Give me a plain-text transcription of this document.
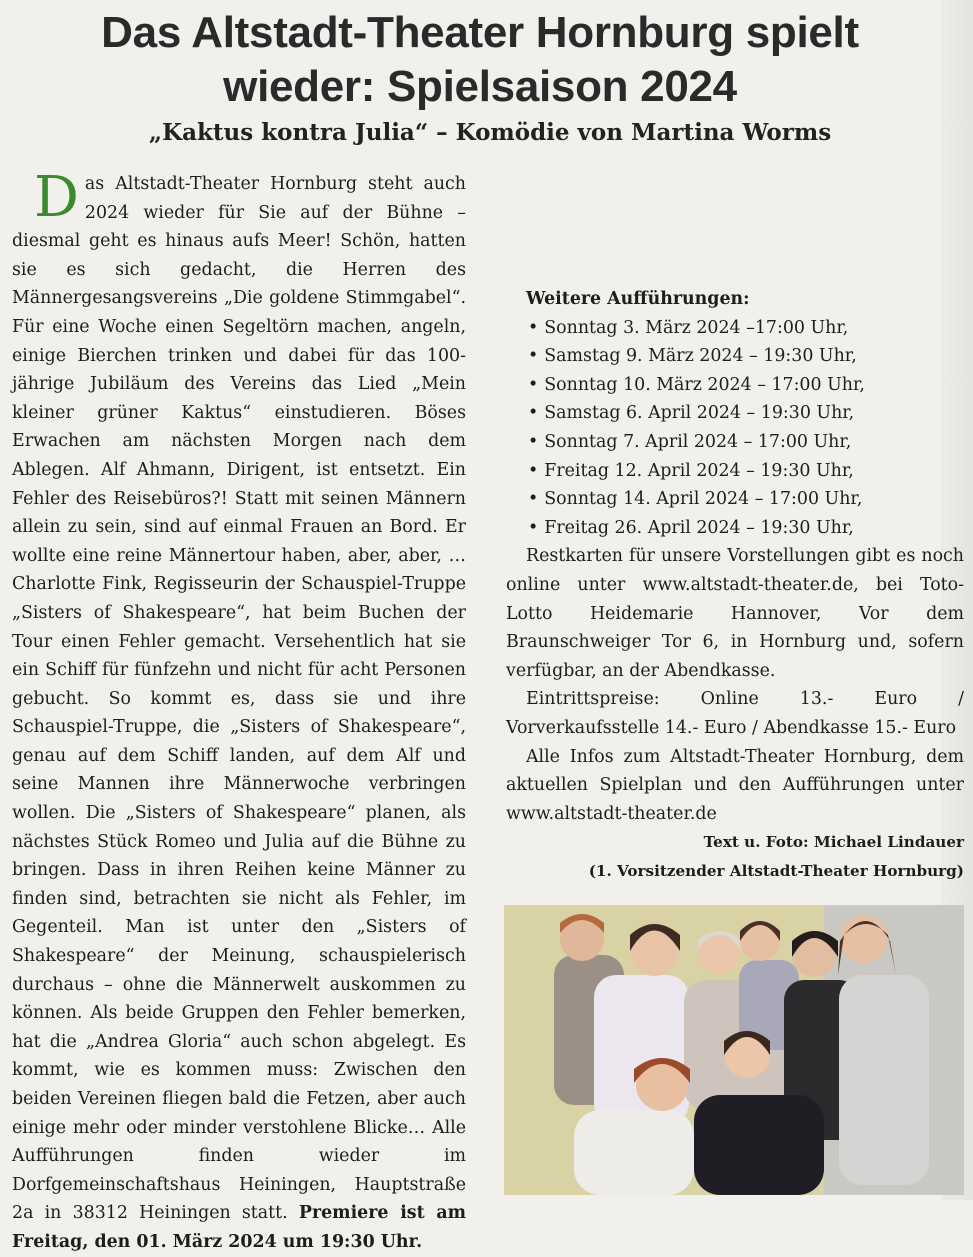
Das Altstadt-Theater Hornburg spielt
wieder: Spielsaison 2024
„Kaktus kontra Julia“ – Komödie von Martina Worms

Das Altstadt-Theater Hornburg steht auch 2024 wieder für Sie auf der Bühne – diesmal geht es hinaus aufs Meer! Schön, hatten sie es sich gedacht, die Herren des Männergesangsvereins „Die goldene Stimmgabel“. Für eine Woche einen Segeltörn machen, angeln, einige Bierchen trinken und dabei für das 100-jährige Jubiläum des Vereins das Lied „Mein kleiner grüner Kaktus“ einstudieren. Böses Erwachen am nächsten Morgen nach dem Ablegen. Alf Ahmann, Dirigent, ist entsetzt. Ein Fehler des Reisebüros?! Statt mit seinen Männern allein zu sein, sind auf einmal Frauen an Bord. Er wollte eine reine Männertour haben, aber, aber, … Charlotte Fink, Regisseurin der Schauspiel-Truppe „Sisters of Shakespeare“, hat beim Buchen der Tour einen Fehler gemacht. Versehentlich hat sie ein Schiff für fünfzehn und nicht für acht Personen gebucht. So kommt es, dass sie und ihre Schauspiel-Truppe, die „Sisters of Shakespeare“, genau auf dem Schiff landen, auf dem Alf und seine Mannen ihre Männerwoche verbringen wollen. Die „Sisters of Shakespeare“ planen, als nächstes Stück Romeo und Julia auf die Bühne zu bringen. Dass in ihren Reihen keine Männer zu finden sind, betrachten sie nicht als Fehler, im Gegenteil. Man ist unter den „Sisters of Shakespeare“ der Meinung, schauspielerisch durchaus – ohne die Männerwelt auskommen zu können. Als beide Gruppen den Fehler bemerken, hat die „Andrea Gloria“ auch schon abgelegt. Es kommt, wie es kommen muss: Zwischen den beiden Vereinen fliegen bald die Fetzen, aber auch einige mehr oder minder verstohlene Blicke… Alle Aufführungen finden wieder im Dorfgemeinschaftshaus Heiningen, Hauptstraße 2a in 38312 Heiningen statt. Premiere ist am Freitag, den 01. März 2024 um 19:30 Uhr.

Weitere Aufführungen:

• Sonntag 3. März 2024 –17:00 Uhr,
• Samstag 9. März 2024 – 19:30 Uhr,
• Sonntag 10. März 2024 – 17:00 Uhr,
• Samstag 6. April 2024 – 19:30 Uhr,
• Sonntag 7. April 2024 – 17:00 Uhr,
• Freitag 12. April 2024 – 19:30 Uhr,
• Sonntag 14. April 2024 – 17:00 Uhr,
• Freitag 26. April 2024 – 19:30 Uhr,

Restkarten für unsere Vorstellungen gibt es noch online unter www.altstadt-theater.de, bei Toto-Lotto Heidemarie Hannover, Vor dem Braunschweiger Tor 6, in Hornburg und, sofern verfügbar, an der Abendkasse.

Eintrittspreise: Online 13.- Euro / Vorverkaufsstelle 14.- Euro / Abendkasse 15.- Euro

Alle Infos zum Altstadt-Theater Hornburg, dem aktuellen Spielplan und den Aufführungen unter www.altstadt-theater.de

Text u. Foto: Michael Lindauer

(1. Vorsitzender Altstadt-Theater Hornburg)
